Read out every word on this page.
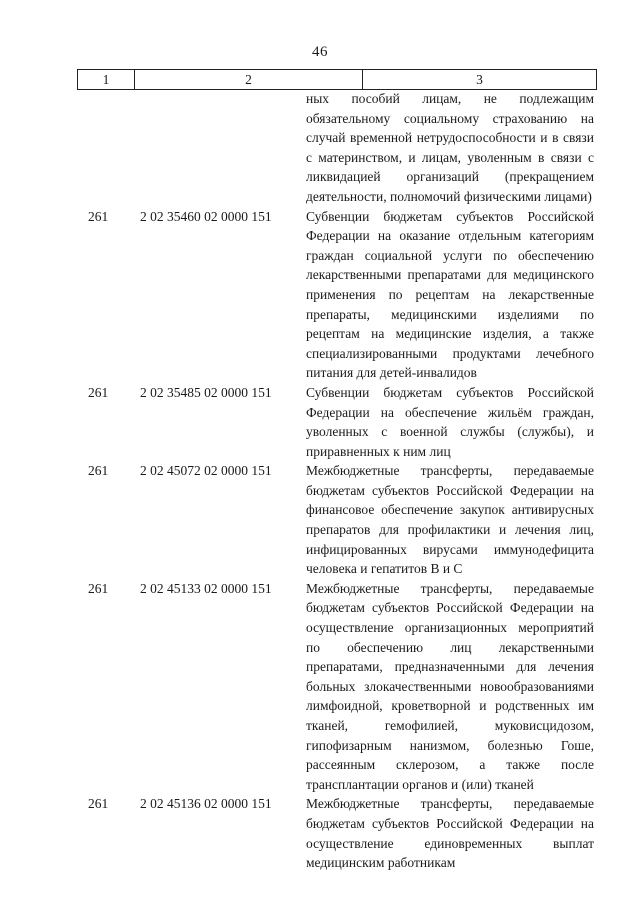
46
1	2	3
ных пособий лицам, не подлежащим обязательному социальному страхованию на случай временной нетрудоспособности и в связи с материнством, и лицам, уволенным в связи с ликвидацией организаций (прекращением деятельности, полномочий физическими лицами)
261	2 02 35460 02 0000 151	Субвенции бюджетам субъектов Российской Федерации на оказание отдельным категориям граждан социальной услуги по обеспечению лекарственными препаратами для медицинского применения по рецептам на лекарственные препараты, медицинскими изделиями по рецептам на медицинские изделия, а также специализированными продуктами лечебного питания для детей-инвалидов
261	2 02 35485 02 0000 151	Субвенции бюджетам субъектов Российской Федерации на обеспечение жильём граждан, уволенных с военной службы (службы), и приравненных к ним лиц
261	2 02 45072 02 0000 151	Межбюджетные трансферты, передаваемые бюджетам субъектов Российской Федерации на финансовое обеспечение закупок антивирусных препаратов для профилактики и лечения лиц, инфицированных вирусами иммунодефицита человека и гепатитов В и С
261	2 02 45133 02 0000 151	Межбюджетные трансферты, передаваемые бюджетам субъектов Российской Федерации на осуществление организационных мероприятий по обеспечению лиц лекарственными препаратами, предназначенными для лечения больных злокачественными новообразованиями лимфоидной, кроветворной и родственных им тканей, гемофилией, муковисцидозом, гипофизарным нанизмом, болезнью Гоше, рассеянным склерозом, а также после трансплантации органов и (или) тканей
261	2 02 45136 02 0000 151	Межбюджетные трансферты, передаваемые бюджетам субъектов Российской Федерации на осуществление единовременных выплат медицинским работникам
